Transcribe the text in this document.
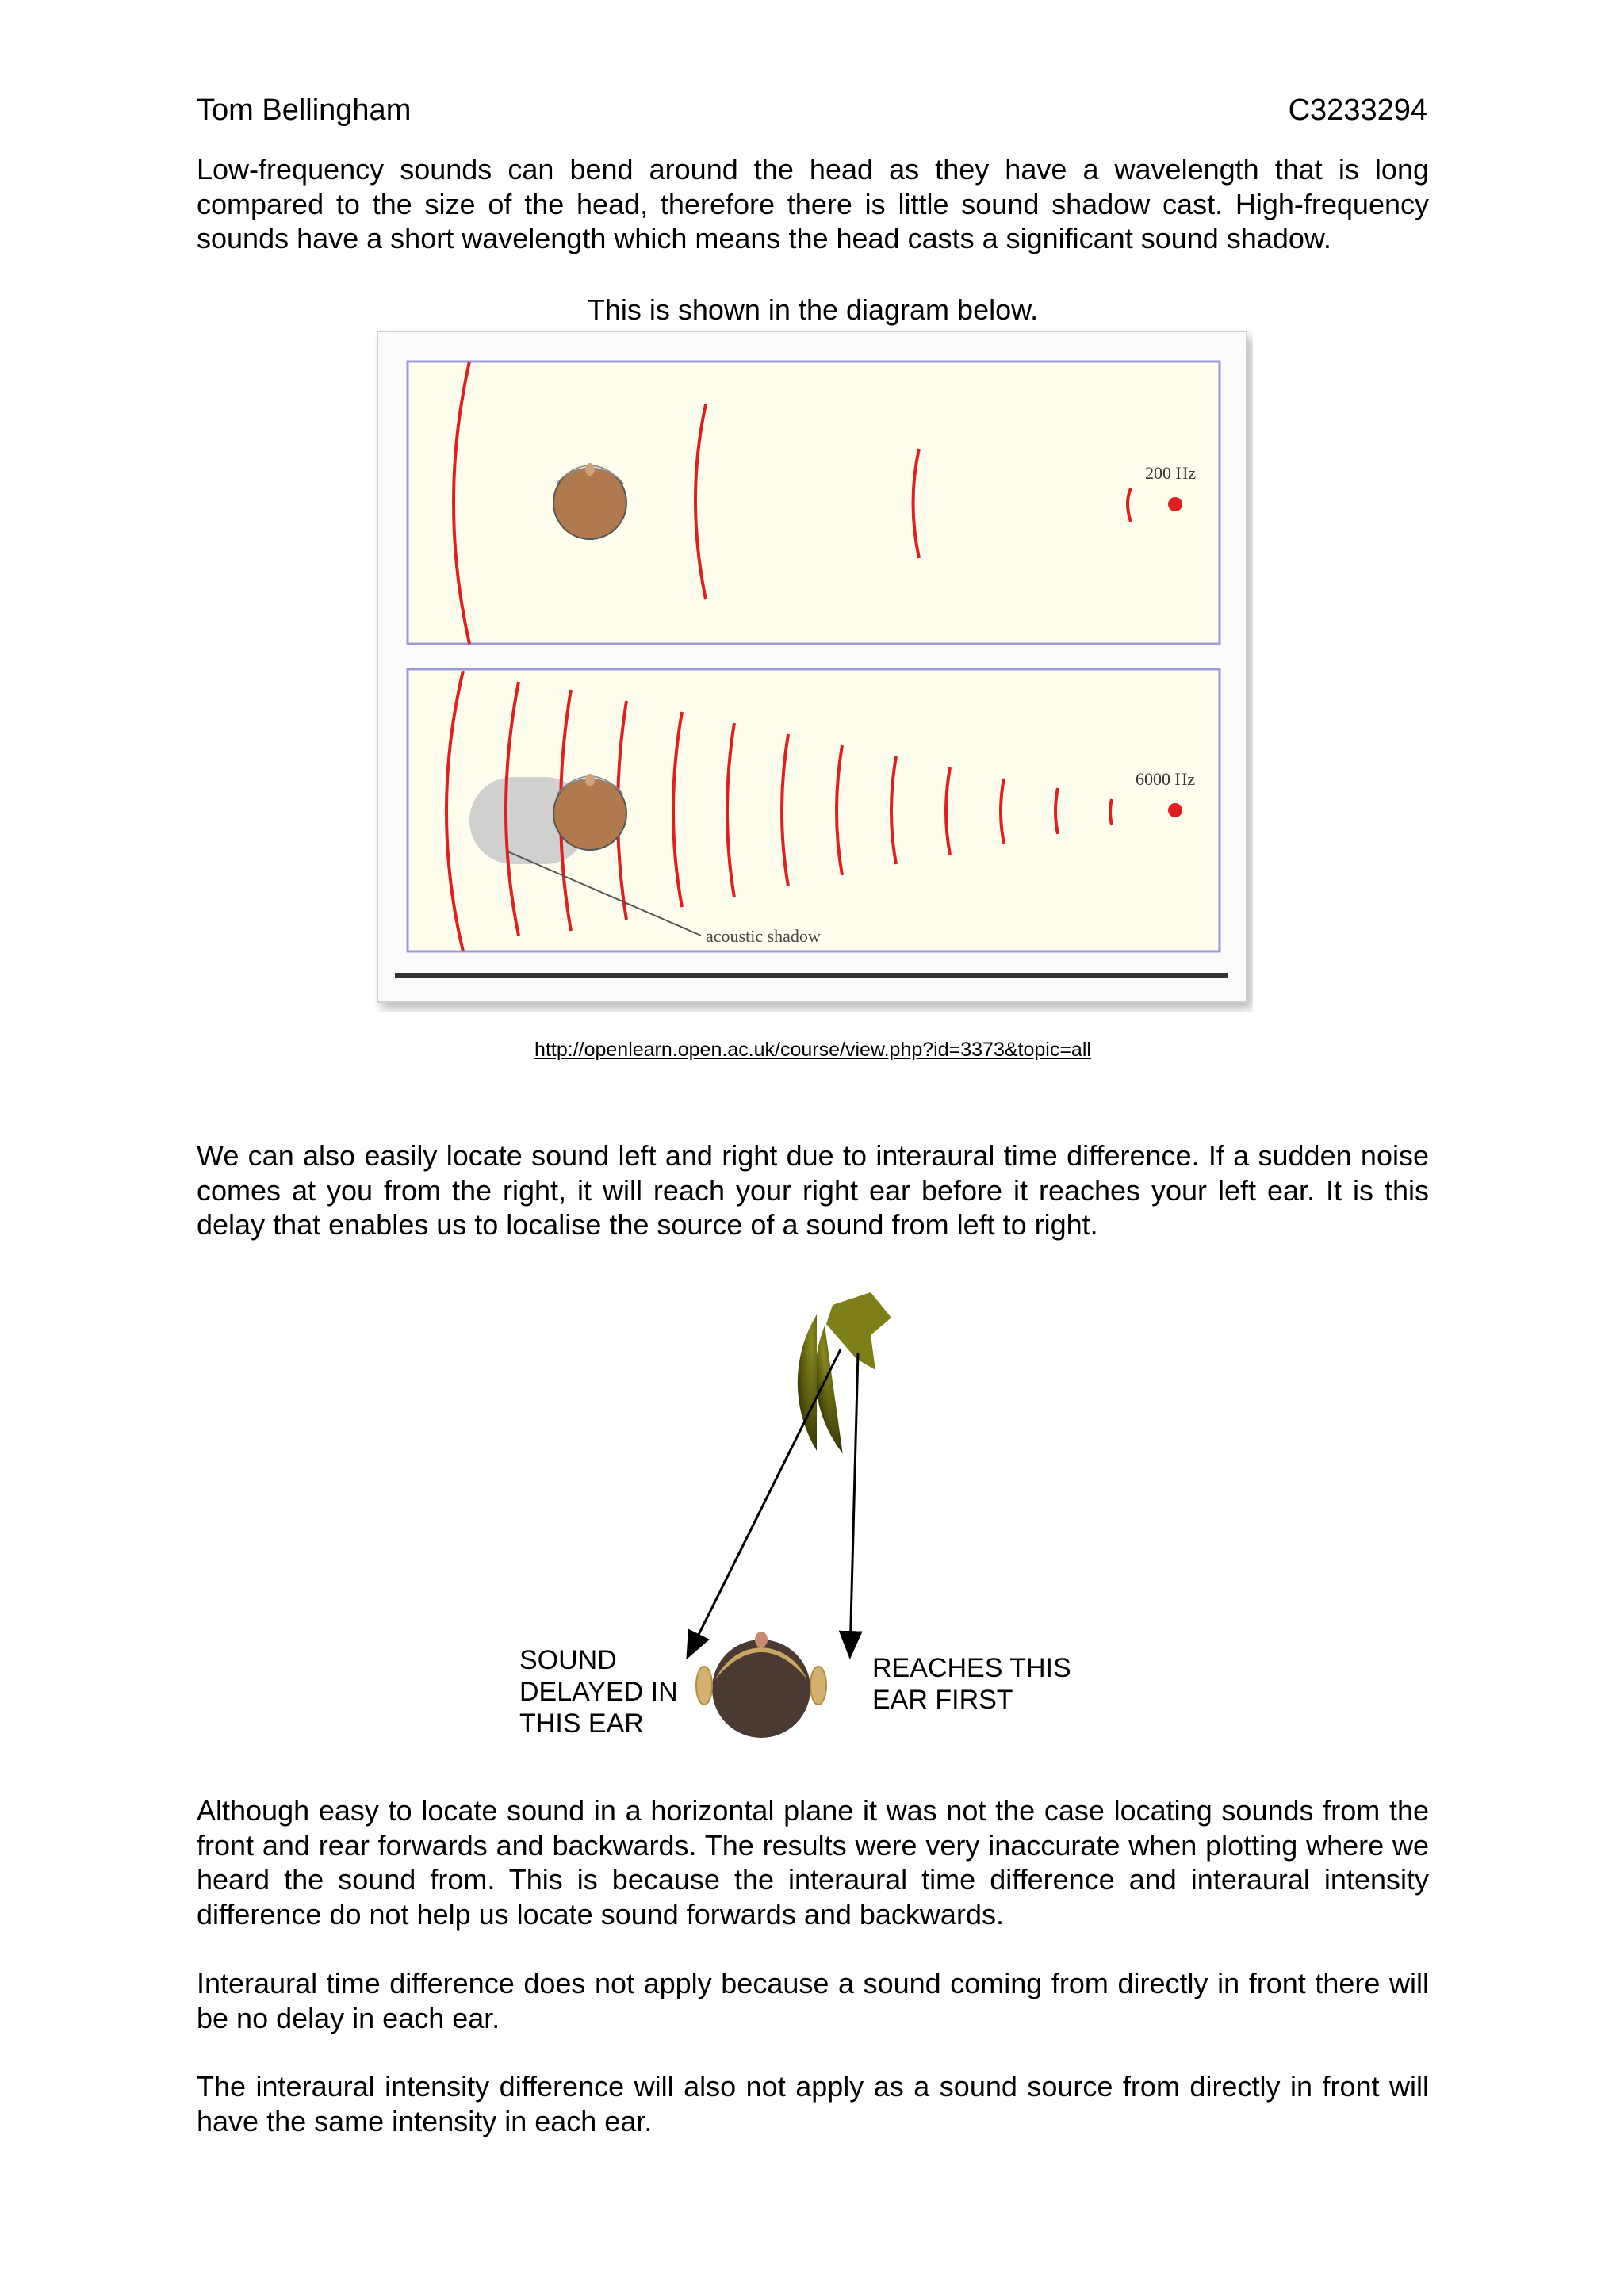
Tom Bellingham	C3233294

Low-frequency sounds can bend around the head as they have a wavelength that is long compared to the size of the head, therefore there is little sound shadow cast. High-frequency sounds have a short wavelength which means the head casts a significant sound shadow.

This is shown in the diagram below.
200 Hz
6000 Hz
acoustic shadow
http://openlearn.open.ac.uk/course/view.php?id=3373&topic=all

We can also easily locate sound left and right due to interaural time difference. If a sudden noise comes at you from the right, it will reach your right ear before it reaches your left ear. It is this delay that enables us to localise the source of a sound from left to right.

SOUND
DELAYED IN
THIS EAR
REACHES THIS
EAR FIRST

Although easy to locate sound in a horizontal plane it was not the case locating sounds from the front and rear forwards and backwards. The results were very inaccurate when plotting where we heard the sound from. This is because the interaural time difference and interaural intensity difference do not help us locate sound forwards and backwards.

Interaural time difference does not apply because a sound coming from directly in front there will be no delay in each ear.

The interaural intensity difference will also not apply as a sound source from directly in front will have the same intensity in each ear.
